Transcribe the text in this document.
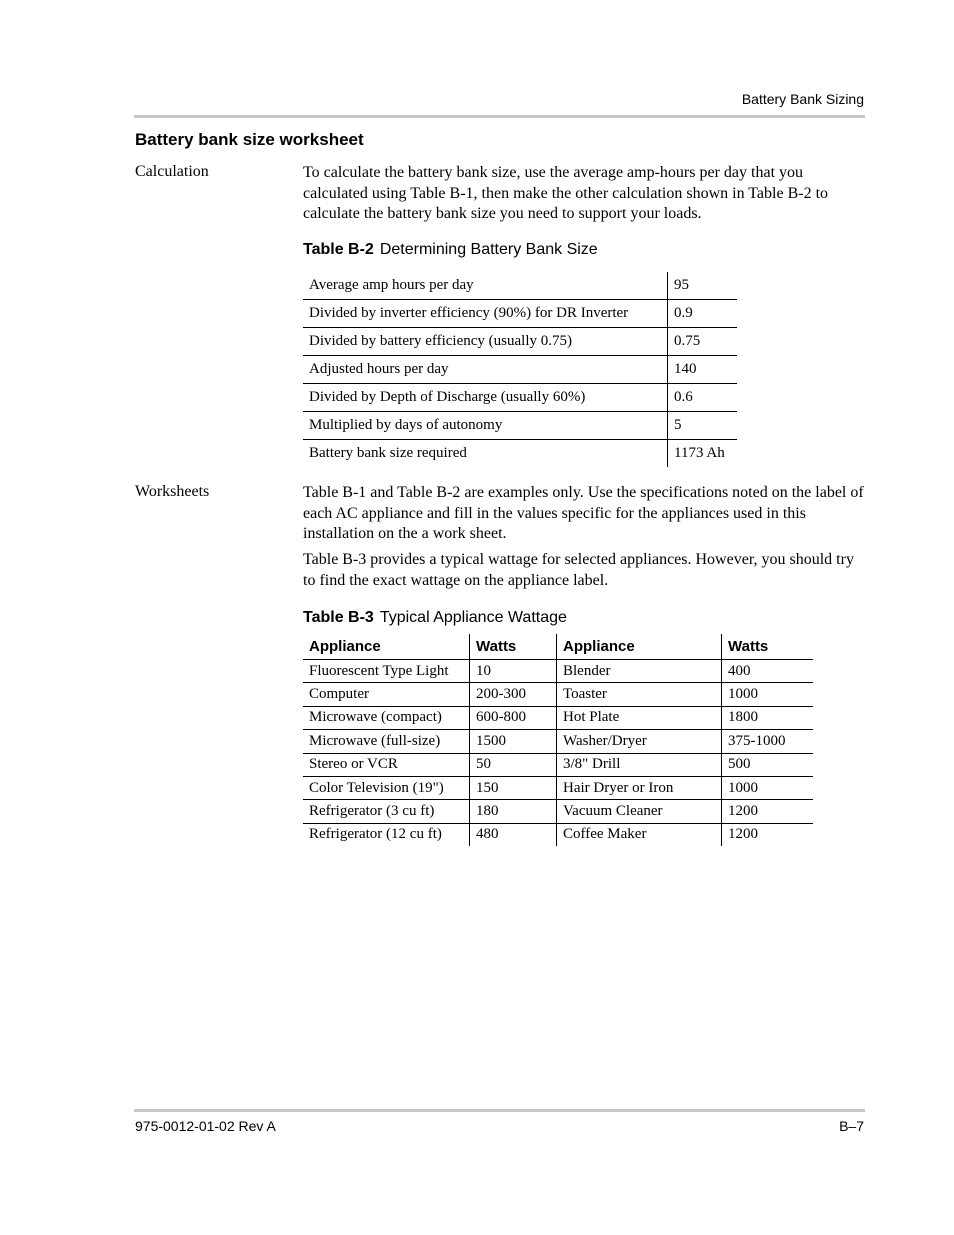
Battery Bank Sizing
Battery bank size worksheet
Calculation	To calculate the battery bank size, use the average amp-hours per day that you calculated using Table B-1, then make the other calculation shown in Table B-2 to calculate the battery bank size you need to support your loads.

Table B-2 Determining Battery Bank Size
Average amp hours per day	95
Divided by inverter efficiency (90%) for DR Inverter	0.9
Divided by battery efficiency (usually 0.75)	0.75
Adjusted hours per day	140
Divided by Depth of Discharge (usually 60%)	0.6
Multiplied by days of autonomy	5
Battery bank size required	1173 Ah
Worksheets	Table B-1 and Table B-2 are examples only. Use the specifications noted on the label of each AC appliance and fill in the values specific for the appliances used in this installation on the a work sheet.

Table B-3 provides a typical wattage for selected appliances. However, you should try to find the exact wattage on the appliance label.

Table B-3 Typical Appliance Wattage
Appliance	Watts	Appliance	Watts
Fluorescent Type Light	10	Blender	400
Computer	200-300	Toaster	1000
Microwave (compact)	600-800	Hot Plate	1800
Microwave (full-size)	1500	Washer/Dryer	375-1000
Stereo or VCR	50	3/8" Drill	500
Color Television (19")	150	Hair Dryer or Iron	1000
Refrigerator (3 cu ft)	180	Vacuum Cleaner	1200
Refrigerator (12 cu ft)	480	Coffee Maker	1200
975-0012-01-02 Rev A	B–7
